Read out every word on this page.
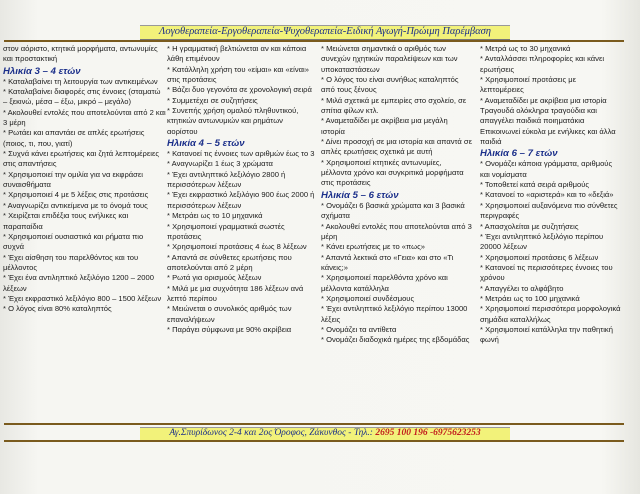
Λογοθεραπεία-Εργοθεραπεία-Ψυχοθεραπεία-Ειδική Αγωγή-Πρώιμη Παρέμβαση

στον αόριστο, κτητικά μορφήματα, αντωνυμίες και προστακτική

Ηλικία 3 – 4 ετών

* Καταλαβαίνει τη λειτουργία των αντικειμένων

* Καταλαβαίνει διαφορές στις έννοιες (σταματώ – ξεκινώ, μέσα – έξω, μικρό – μεγάλο)

* Ακολουθεί εντολές που αποτελούνται από 2 και 3 μέρη

* Ρωτάει και απαντάει σε απλές ερωτήσεις (ποιος, τι, που, γιατί)

* Συχνά κάνει ερωτήσεις και ζητά λεπτομέρειες στις απαντήσεις

* Χρησιμοποιεί την ομιλία για να εκφράσει συναισθήματα

* Χρησιμοποιεί 4 με 5 λέξεις στις προτάσεις

* Αναγνωρίζει αντικείμενα με το όνομά τους

* Χειρίζεται επιδέξια τους ενήλικες και παραπαίδια

* Χρησιμοποιεί ουσιαστικά και ρήματα πιο συχνά

* Έχει αίσθηση του παρελθόντος και του μέλλοντος

* Έχει ένα αντιληπτικό λεξιλόγιο 1200 – 2000 λέξεων

* Έχει εκφραστικό λεξιλόγιο 800 – 1500 λέξεων

* Ο λόγος είναι 80% καταληπτός

* Η γραμματική βελτιώνεται αν και κάποια λάθη επιμένουν

* Κατάλληλη χρήση του «είμαι» και «είναι» στις προτάσεις

* Βάζει δυο γεγονότα σε χρονολογική σειρά

* Συμμετέχει σε συζητήσεις

* Συνεπής χρήση ομαλού πληθυντικού, κτητικών αντωνυμιών και ρημάτων αορίστου

Ηλικία 4 – 5 ετών

* Κατανοεί τις έννοιες των αριθμών έως το 3

* Αναγνωρίζει 1 έως 3 χρώματα

* Έχει αντιληπτικό λεξιλόγιο 2800 ή περισσότερων λέξεων

* Έχει εκφραστικό λεξιλόγιο 900 έως 2000 ή περισσότερων λέξεων

* Μετράει ως το 10 μηχανικά

* Χρησιμοποιεί γραμματικά σωστές προτάσεις

* Χρησιμοποιεί προτάσεις 4 έως 8 λέξεων

* Απαντά σε σύνθετες ερωτήσεις που αποτελούνται από 2 μέρη

* Ρωτά για ορισμούς λέξεων

* Μιλά με μια συχνότητα 186 λέξεων ανά λεπτό περίπου

* Μειώνεται ο συνολικός αριθμός των επαναλήψεων

* Παράγει σύμφωνα με 90% ακρίβεια

* Μειώνεται σημαντικά ο αριθμός των συνεχών ηχητικών παραλείψεων και των υποκαταστάσεων

* Ο λόγος του είναι συνήθως καταληπτός από τους ξένους

* Μιλά σχετικά με εμπειρίες στο σχολείο, σε σπίτια φίλων κτλ.

* Αναμεταδίδει με ακρίβεια μια μεγάλη ιστορία

* Δίνει προσοχή σε μια ιστορία και απαντά σε απλές ερωτήσεις σχετικά με αυτή

* Χρησιμοποιεί κτητικές αντωνυμίες, μέλλοντα χρόνο και συγκριτικά μορφήματα στις προτάσεις

Ηλικία 5 – 6 ετών

* Ονομάζει 6 βασικά χρώματα και 3 βασικά σχήματα

* Ακολουθεί εντολές που αποτελούνται από 3 μέρη

* Κάνει ερωτήσεις με το «πως»

* Απαντά λεκτικά στο «Γεια» και στο «Τι κάνεις;»

* Χρησιμοποιεί παρελθόντα χρόνο και μέλλοντα κατάλληλα

* Χρησιμοποιεί συνδέσμους

* Έχει αντιληπτικό λεξιλόγιο περίπου 13000 λέξεις

* Ονομάζει τα αντίθετα

* Ονομάζει διαδοχικά ημέρες της εβδομάδας

* Μετρά ως το 30 μηχανικά

* Ανταλλάσσει πληροφορίες και κάνει ερωτήσεις

* Χρησιμοποιεί προτάσεις με λεπτομέρειες

* Αναμεταδίδει με ακρίβεια μια ιστορία Τραγουδά ολόκληρα τραγούδια και απαγγέλει παιδικά ποιηματάκια Επικοινωνεί εύκολα με ενήλικες και άλλα παιδιά

Ηλικία 6 – 7 ετών

* Ονομάζει κάποια γράμματα, αριθμούς και νομίσματα

* Τοποθετεί κατά σειρά αριθμούς

* Κατανοεί το «αριστερά» και το «δεξιά»

* Χρησιμοποιεί αυξανόμενα πιο σύνθετες περιγραφές

* Απασχολείται με συζητήσεις

* Έχει αντιληπτικό λεξιλόγιο περίπου 20000 λέξεων

* Χρησιμοποιεί προτάσεις 6 λέξεων

* Κατανοεί τις περισσότερες έννοιες του χρόνου

* Απαγγέλει το αλφάβητο

* Μετράει ως το 100 μηχανικά

* Χρησιμοποιεί περισσότερα μορφολογικά σημάδια καταλλήλως

* Χρησιμοποιεί κατάλληλα την παθητική φωνή

Αγ.Σπυρίδωνος 2-4 και 2ος Όροφος, Ζάκυνθος - Τηλ.: 2695 100 196 -6975623253
